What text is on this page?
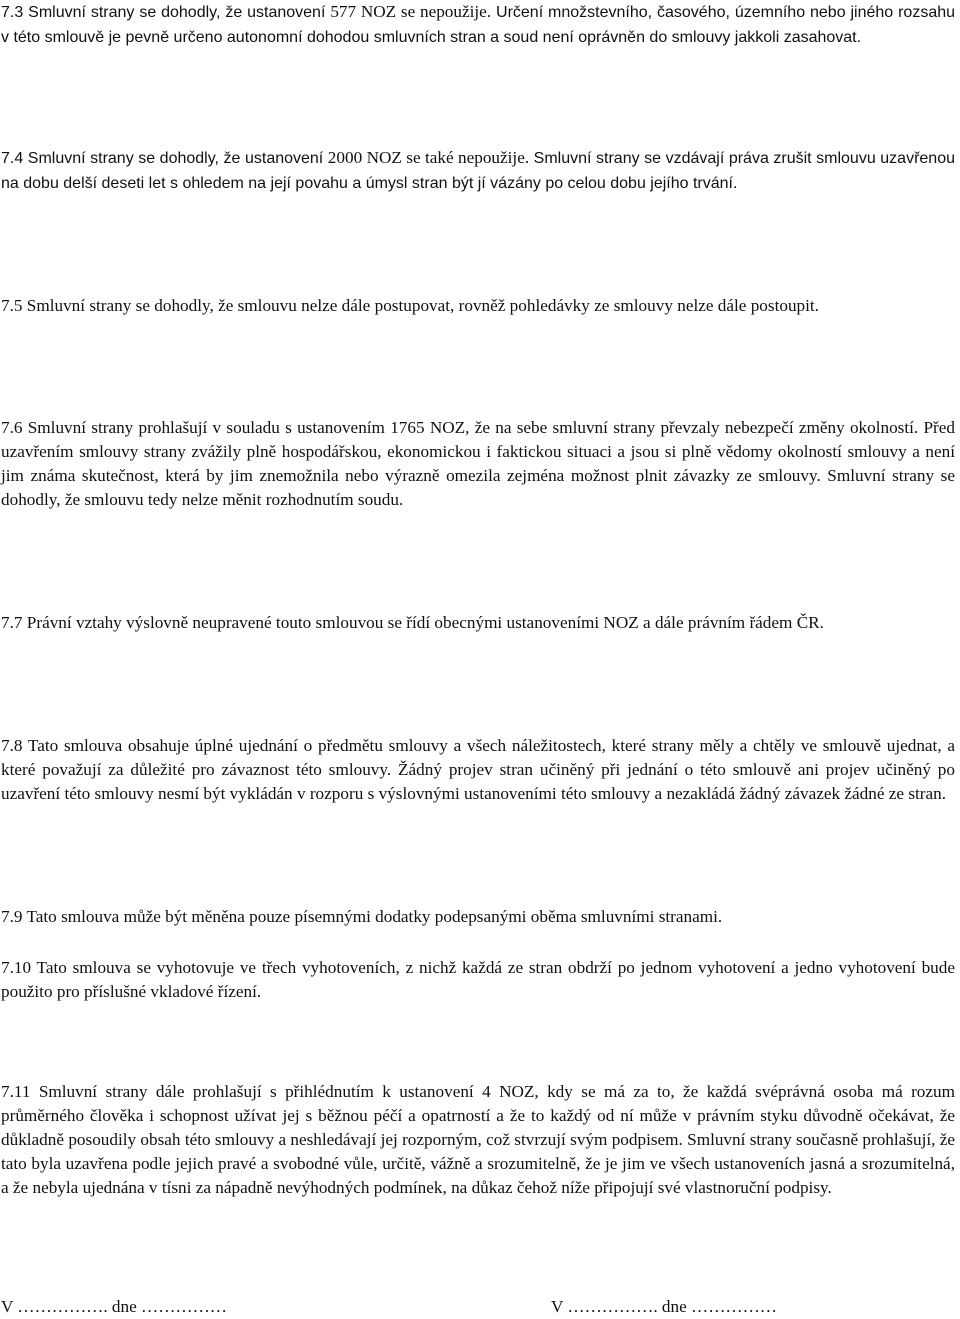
7.3 Smluvní strany se dohodly, že ustanovení 577 NOZ se nepoužije. Určení množstevního, časového, územního nebo jiného rozsahu v této smlouvě je pevně určeno autonomní dohodou smluvních stran a soud není oprávněn do smlouvy jakkoli zasahovat.

7.4 Smluvní strany se dohodly, že ustanovení 2000 NOZ se také nepoužije. Smluvní strany se vzdávají práva zrušit smlouvu uzavřenou na dobu delší deseti let s ohledem na její povahu a úmysl stran být jí vázány po celou dobu jejího trvání.

7.5 Smluvní strany se dohodly, že smlouvu nelze dále postupovat, rovněž pohledávky ze smlouvy nelze dále postoupit.

7.6 Smluvní strany prohlašují v souladu s ustanovením 1765 NOZ, že na sebe smluvní strany převzaly nebezpečí změny okolností. Před uzavřením smlouvy strany zvážily plně hospodářskou, ekonomickou i faktickou situaci a jsou si plně vědomy okolností smlouvy a není jim známa skutečnost, která by jim znemožnila nebo výrazně omezila zejména možnost plnit závazky ze smlouvy. Smluvní strany se dohodly, že smlouvu tedy nelze měnit rozhodnutím soudu.

7.7 Právní vztahy výslovně neupravené touto smlouvou se řídí obecnými ustanoveními NOZ a dále právním řádem ČR.

7.8 Tato smlouva obsahuje úplné ujednání o předmětu smlouvy a všech náležitostech, které strany měly a chtěly ve smlouvě ujednat, a které považují za důležité pro závaznost této smlouvy. Žádný projev stran učiněný při jednání o této smlouvě ani projev učiněný po uzavření této smlouvy nesmí být vykládán v rozporu s výslovnými ustanoveními této smlouvy a nezakládá žádný závazek žádné ze stran.

7.9 Tato smlouva může být měněna pouze písemnými dodatky podepsanými oběma smluvními stranami.

7.10 Tato smlouva se vyhotovuje ve třech vyhotoveních, z nichž každá ze stran obdrží po jednom vyhotovení a jedno vyhotovení bude použito pro příslušné vkladové řízení.

7.11 Smluvní strany dále prohlašují s přihlédnutím k ustanovení 4 NOZ, kdy se má za to, že každá svéprávná osoba má rozum průměrného člověka i schopnost užívat jej s běžnou péčí a opatrností a že to každý od ní může v právním styku důvodně očekávat, že důkladně posoudily obsah této smlouvy a neshledávají jej rozporným, což stvrzují svým podpisem. Smluvní strany současně prohlašují, že tato byla uzavřena podle jejich pravé a svobodné vůle, určitě, vážně a srozumitelně, že je jim ve všech ustanoveních jasná a srozumitelná, a že nebyla ujednána v tísni za nápadně nevýhodných podmínek, na důkaz čehož níže připojují své vlastnoruční podpisy.

V ……………. dne ……………	V ……………. dne ……………
